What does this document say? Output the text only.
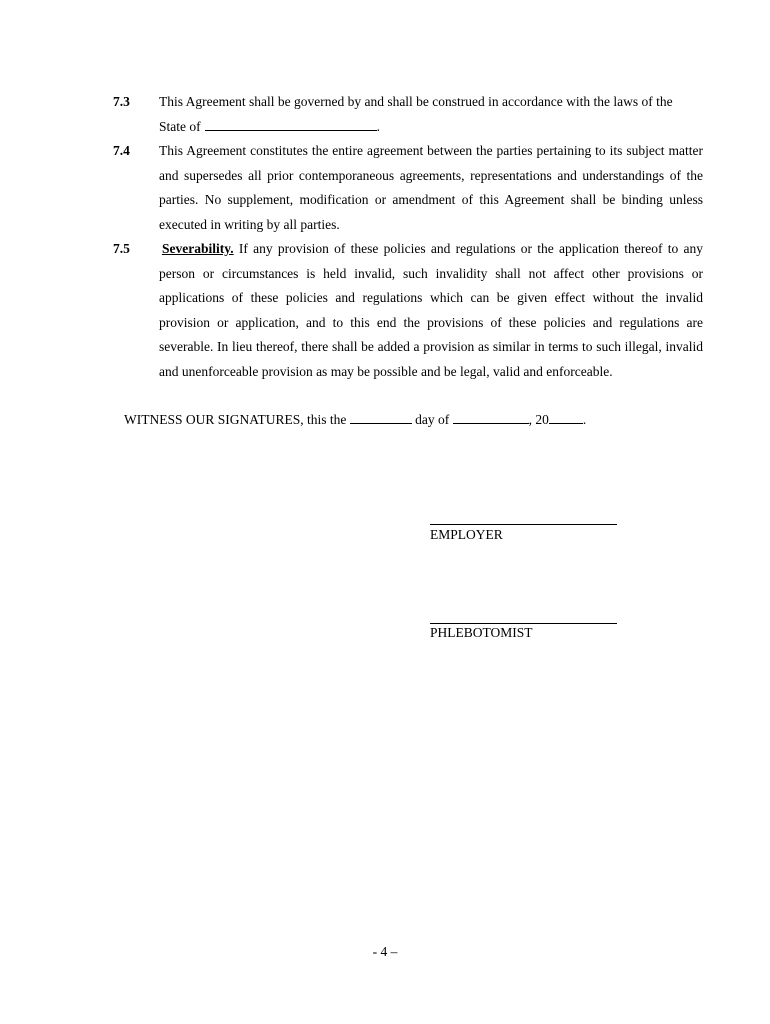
7.3 This Agreement shall be governed by and shall be construed in accordance with the laws of the
State of	.
7.4 This Agreement constitutes the entire agreement between the parties pertaining to its subject matter and supersedes all prior contemporaneous agreements, representations and understandings of the parties. No supplement, modification or amendment of this Agreement shall be binding unless executed in writing by all parties.
7.5 Severability. If any provision of these policies and regulations or the application thereof to any person or circumstances is held invalid, such invalidity shall not affect other provisions or applications of these policies and regulations which can be given effect without the invalid provision or application, and to this end the provisions of these policies and regulations are severable. In lieu thereof, there shall be added a provision as similar in terms to such illegal, invalid and unenforceable provision as may be possible and be legal, valid and enforceable.
WITNESS OUR SIGNATURES, this the	day of	, 20	.
EMPLOYER
PHLEBOTOMIST
- 4 –
